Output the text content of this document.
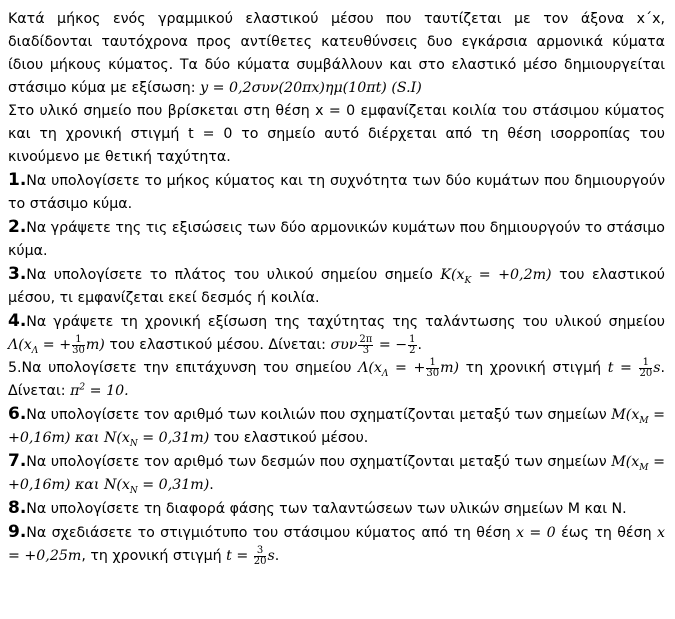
Κατά μήκος ενός γραμμικού ελαστικού μέσου που ταυτίζεται με τον άξονα x΄x, διαδίδονται ταυτόχρονα προς αντίθετες κατευθύνσεις δυο εγκάρσια αρμονικά κύματα ίδιου μήκους κύματος. Τα δύο κύματα συμβάλλουν και στο ελαστικό μέσο δημιουργείται στάσιμο κύμα με εξίσωση: y = 0,2συν(20πx)ημ(10πt) (S.I)

Στο υλικό σημείο που βρίσκεται στη θέση x = 0 εμφανίζεται κοιλία του στάσιμου κύματος και τη χρονική στιγμή t = 0 το σημείο αυτό διέρχεται από τη θέση ισορροπίας του κινούμενο με θετική ταχύτητα.

1.Να υπολογίσετε το μήκος κύματος και τη συχνότητα των δύο κυμάτων που δημιουργούν το στάσιμο κύμα.

2.Να γράψετε της τις εξισώσεις των δύο αρμονικών κυμάτων που δημιουργούν το στάσιμο κύμα.

3.Να υπολογίσετε το πλάτος του υλικού σημείου σημείο $K(x_K = +0,2m)$ του ελαστικού μέσου, τι εμφανίζεται εκεί δεσμός ή κοιλία.

4.Να γράψετε τη χρονική εξίσωση της ταχύτητας της ταλάντωσης του υλικού σημείου $\Lambda(x_\Lambda$ = + $\frac{1}{30} m$) του ελαστικού μέσου. Δίνεται: συν $\frac{2\pi}{3}$ = − $\frac{1}{2}$ .

5.Να υπολογίσετε την επιτάχυνση του σημείου $\Lambda(x_\Lambda$ = + $\frac{1}{30} m$) τη χρονική στιγμή $t = \frac{1}{20} s$. Δίνεται: $\pi^2 = 10$.

6.Να υπολογίσετε τον αριθμό των κοιλιών που σχηματίζονται μεταξύ των σημείων $M(x_M = +0,16m)$ και $N(x_N = 0,31m)$ του ελαστικού μέσου.

7.Να υπολογίσετε τον αριθμό των δεσμών που σχηματίζονται μεταξύ των σημείων $M(x_M = +0,16m)$ και $N(x_N = 0,31m)$.

8.Να υπολογίσετε τη διαφορά φάσης των ταλαντώσεων των υλικών σημείων Μ και Ν.

9.Να σχεδιάσετε το στιγμιότυπο του στάσιμου κύματος από τη θέση x = 0 έως τη θέση x = +0,25m, τη χρονική στιγμή $t = \frac{3}{20} s$.
